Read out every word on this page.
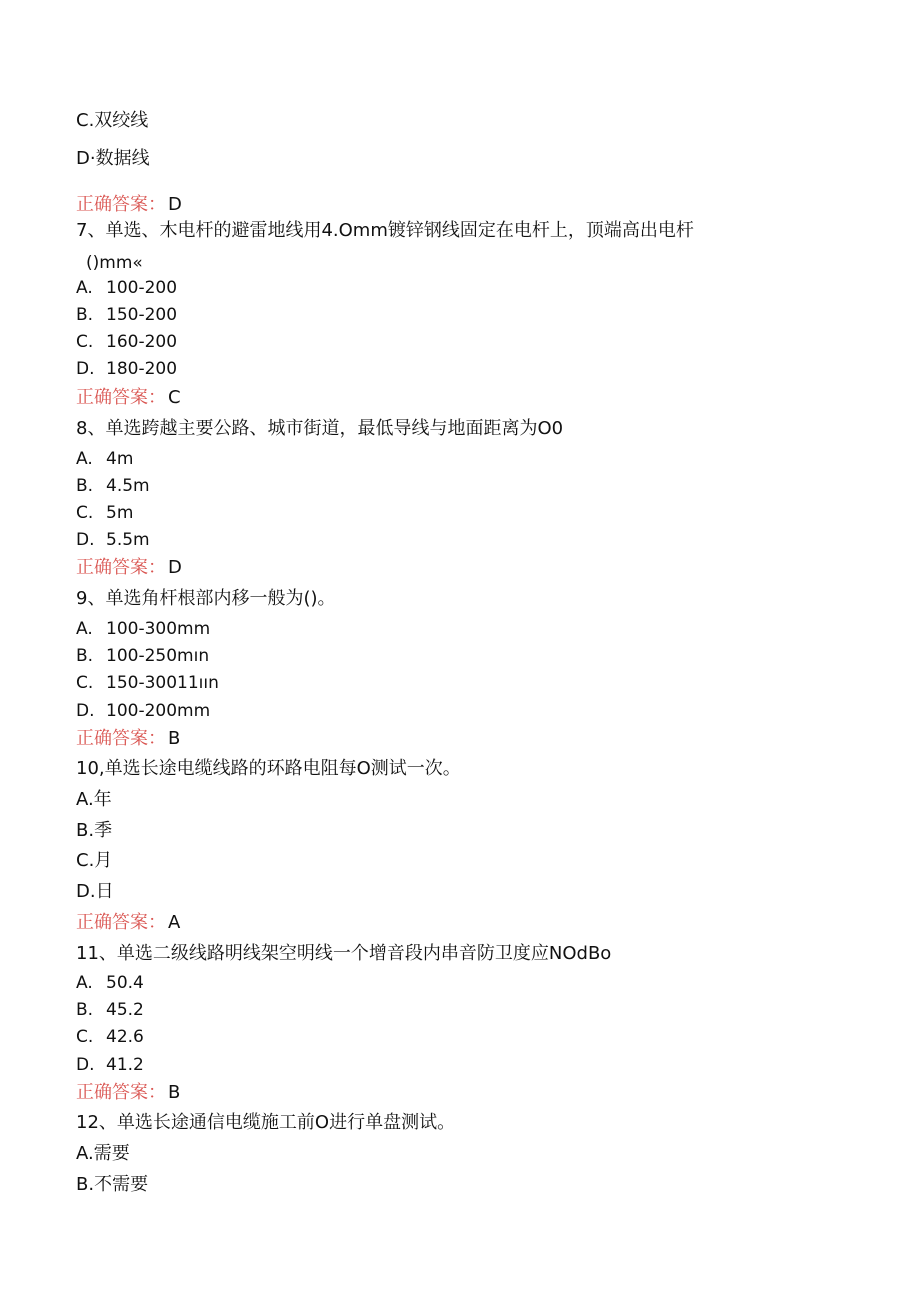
C.双绞线
D·数据线
正确答案： D
7、单选、木电杆的避雷地线用4.Omm镀锌钢线固定在电杆上，顶端高出电杆
()mm«
A. 100-200
B. 150-200
C. 160-200
D. 180-200
正确答案： C
8、单选跨越主要公路、城市街道，最低导线与地面距离为O0
A. 4m
B. 4.5m
C. 5m
D. 5.5m
正确答案： D
9、单选角杆根部内移一般为()。
A. 100-300mm
B. 100-250mın
C. 150-30011ıın
D. 100-200mm
正确答案： B
10,单选长途电缆线路的环路电阻每O测试一次。
A.年
B.季
C.月
D.日
正确答案： A
11、单选二级线路明线架空明线一个增音段内串音防卫度应NOdBo
A. 50.4
B. 45.2
C. 42.6
D. 41.2
正确答案： B
12、单选长途通信电缆施工前O进行单盘测试。
A.需要
B.不需要
